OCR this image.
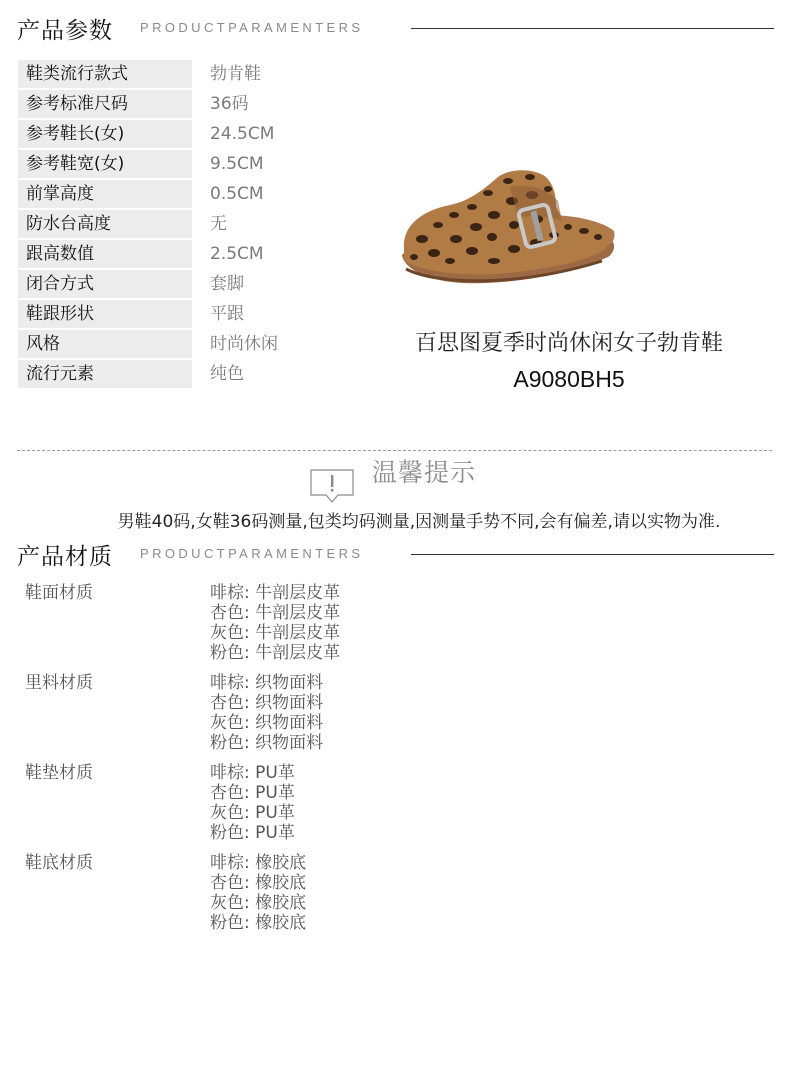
产品参数 PRODUCTPARAMENTERS
鞋类流行款式	勃肯鞋
参考标准尺码	36码
参考鞋长(女)	24.5CM
参考鞋宽(女)	9.5CM
前掌高度	0.5CM
防水台高度	无
跟高数值	2.5CM
闭合方式	套脚
鞋跟形状	平跟
风格	时尚休闲
流行元素	纯色
百思图夏季时尚休闲女子勃肯鞋
A9080BH5
温馨提示
男鞋40码,女鞋36码测量,包类均码测量,因测量手势不同,会有偏差,请以实物为准.
产品材质 PRODUCTPARAMENTERS
鞋面材质	啡棕: 牛剖层皮革
杏色: 牛剖层皮革
灰色: 牛剖层皮革
粉色: 牛剖层皮革
里料材质	啡棕: 织物面料
杏色: 织物面料
灰色: 织物面料
粉色: 织物面料
鞋垫材质	啡棕: PU革
杏色: PU革
灰色: PU革
粉色: PU革
鞋底材质	啡棕: 橡胶底
杏色: 橡胶底
灰色: 橡胶底
粉色: 橡胶底
